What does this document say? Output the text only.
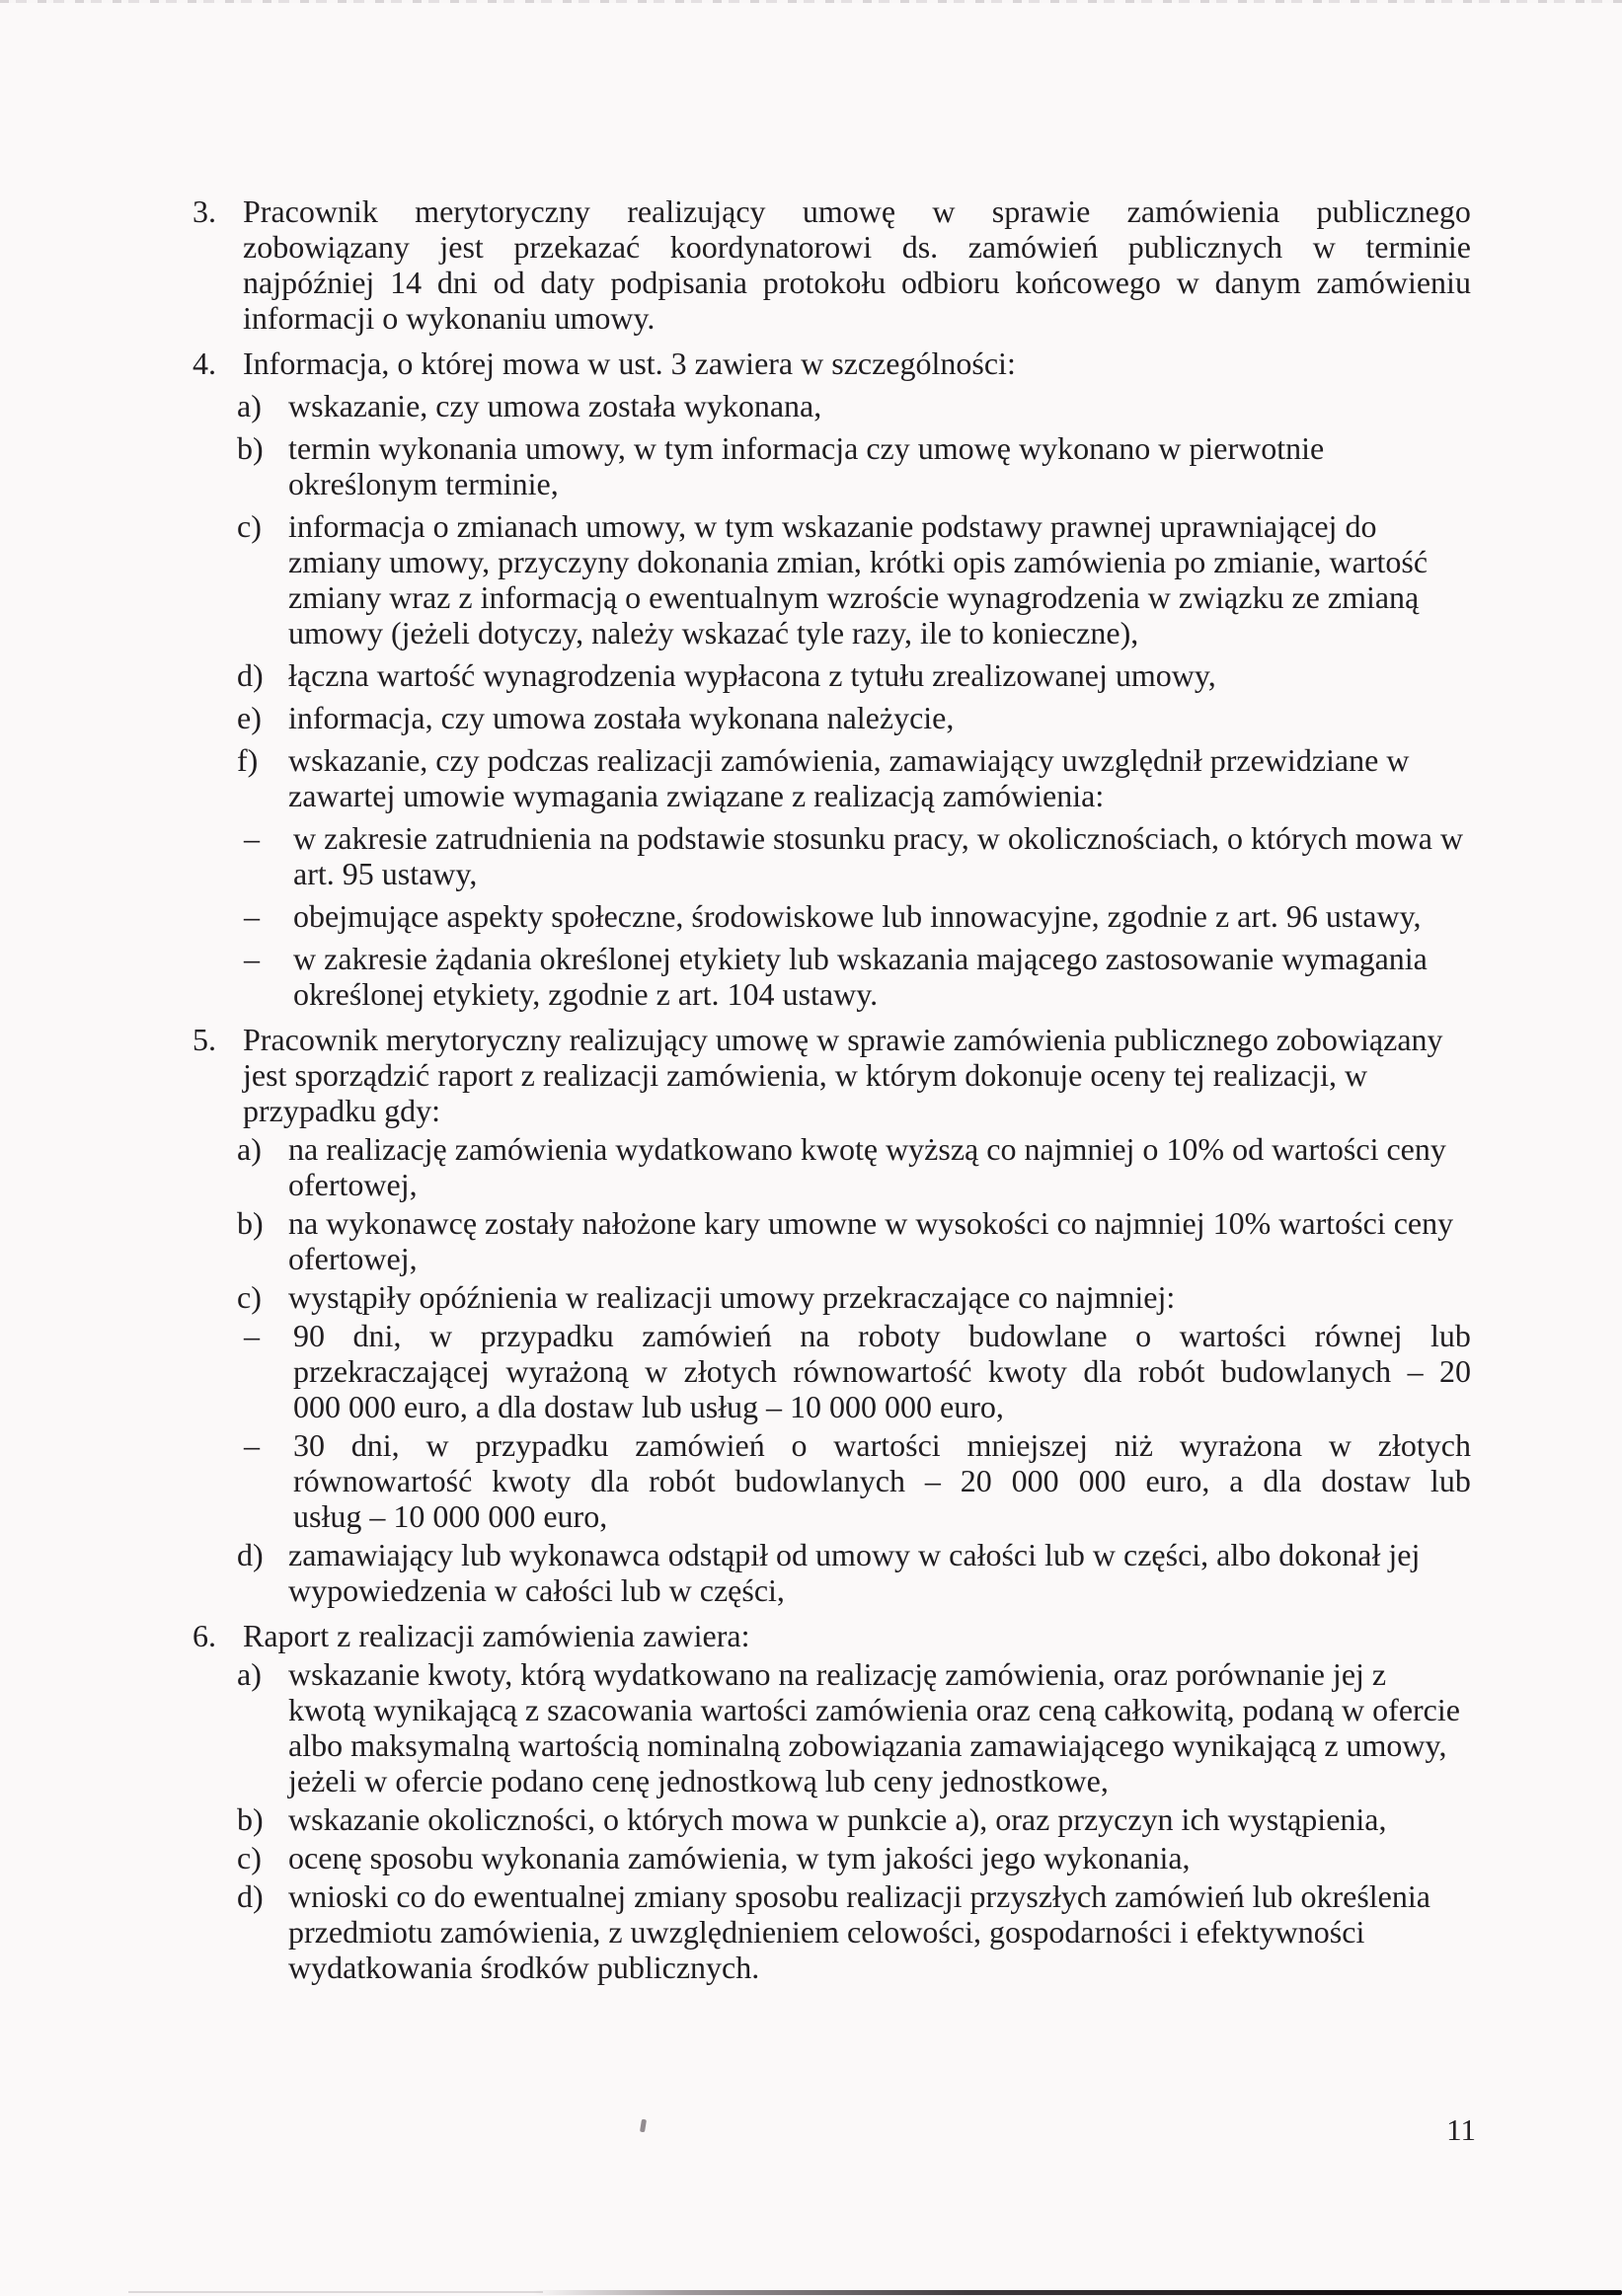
3. Pracownik merytoryczny realizujący umowę w sprawie zamówienia publicznego
zobowiązany jest przekazać koordynatorowi ds. zamówień publicznych w terminie
najpóźniej 14 dni od daty podpisania protokołu odbioru końcowego w danym zamówieniu
informacji o wykonaniu umowy.
4. Informacja, o której mowa w ust. 3 zawiera w szczególności:
a) wskazanie, czy umowa została wykonana,
b) termin wykonania umowy, w tym informacja czy umowę wykonano w pierwotnie określonym terminie,
c) informacja o zmianach umowy, w tym wskazanie podstawy prawnej uprawniającej do zmiany umowy, przyczyny dokonania zmian, krótki opis zamówienia po zmianie, wartość zmiany wraz z informacją o ewentualnym wzroście wynagrodzenia w związku ze zmianą umowy (jeżeli dotyczy, należy wskazać tyle razy, ile to konieczne),
d) łączna wartość wynagrodzenia wypłacona z tytułu zrealizowanej umowy,
e) informacja, czy umowa została wykonana należycie,
f) wskazanie, czy podczas realizacji zamówienia, zamawiający uwzględnił przewidziane w zawartej umowie wymagania związane z realizacją zamówienia:
– w zakresie zatrudnienia na podstawie stosunku pracy, w okolicznościach, o których mowa w art. 95 ustawy,
– obejmujące aspekty społeczne, środowiskowe lub innowacyjne, zgodnie z art. 96 ustawy,
– w zakresie żądania określonej etykiety lub wskazania mającego zastosowanie wymagania określonej etykiety, zgodnie z art. 104 ustawy.
5. Pracownik merytoryczny realizujący umowę w sprawie zamówienia publicznego zobowiązany jest sporządzić raport z realizacji zamówienia, w którym dokonuje oceny tej realizacji, w przypadku gdy:
a) na realizację zamówienia wydatkowano kwotę wyższą co najmniej o 10% od wartości ceny ofertowej,
b) na wykonawcę zostały nałożone kary umowne w wysokości co najmniej 10% wartości ceny ofertowej,
c) wystąpiły opóźnienia w realizacji umowy przekraczające co najmniej:
– 90 dni, w przypadku zamówień na roboty budowlane o wartości równej lub
przekraczającej wyrażoną w złotych równowartość kwoty dla robót budowlanych – 20
000 000 euro, a dla dostaw lub usług – 10 000 000 euro,
– 30 dni, w przypadku zamówień o wartości mniejszej niż wyrażona w złotych
równowartość kwoty dla robót budowlanych – 20 000 000 euro, a dla dostaw lub
usług – 10 000 000 euro,
d) zamawiający lub wykonawca odstąpił od umowy w całości lub w części, albo dokonał jej wypowiedzenia w całości lub w części,
6. Raport z realizacji zamówienia zawiera:
a) wskazanie kwoty, którą wydatkowano na realizację zamówienia, oraz porównanie jej z kwotą wynikającą z szacowania wartości zamówienia oraz ceną całkowitą, podaną w ofercie albo maksymalną wartością nominalną zobowiązania zamawiającego wynikającą z umowy, jeżeli w ofercie podano cenę jednostkową lub ceny jednostkowe,
b) wskazanie okoliczności, o których mowa w punkcie a), oraz przyczyn ich wystąpienia,
c) ocenę sposobu wykonania zamówienia, w tym jakości jego wykonania,
d) wnioski co do ewentualnej zmiany sposobu realizacji przyszłych zamówień lub określenia przedmiotu zamówienia, z uwzględnieniem celowości, gospodarności i efektywności wydatkowania środków publicznych.
11
